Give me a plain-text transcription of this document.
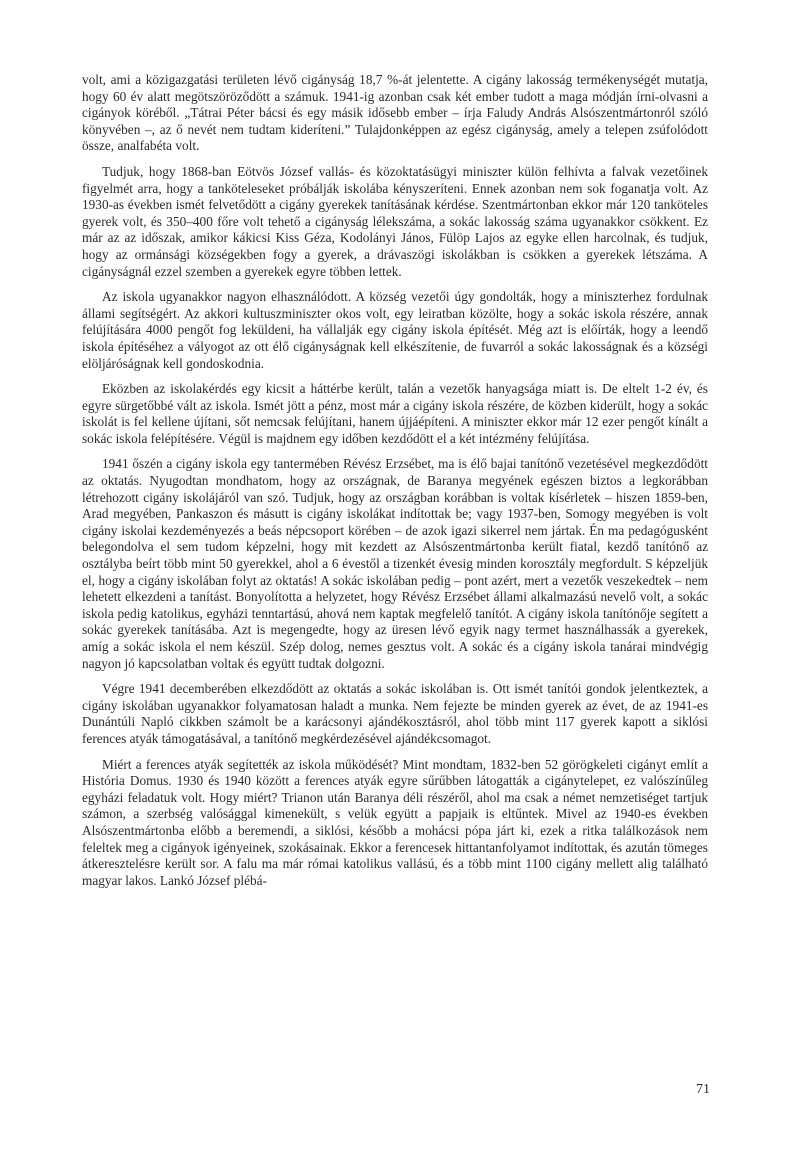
volt, ami a közigazgatási területen lévő cigányság 18,7 %-át jelentette. A cigány lakosság termékenységét mutatja, hogy 60 év alatt megötszöröződött a számuk. 1941-ig azonban csak két ember tudott a maga módján írni-olvasni a cigányok köréből. „Tátrai Péter bácsi és egy másik idősebb ember – írja Faludy András Alsószentmártonról szóló könyvében –, az ő nevét nem tudtam kideríteni.” Tulajdonképpen az egész cigányság, amely a telepen zsúfolódott össze, analfabéta volt.

Tudjuk, hogy 1868-ban Eötvös József vallás- és közoktatásügyi miniszter külön felhívta a falvak vezetőinek figyelmét arra, hogy a tanköteleseket próbálják iskolába kényszeríteni. Ennek azonban nem sok foganatja volt. Az 1930-as években ismét felvetődött a cigány gyerekek tanításának kérdése. Szentmártonban ekkor már 120 tanköteles gyerek volt, és 350–400 főre volt tehető a cigányság lélekszáma, a sokác lakosság száma ugyanakkor csökkent. Ez már az az időszak, amikor kákicsi Kiss Géza, Kodolányi János, Fülöp Lajos az egyke ellen harcolnak, és tudjuk, hogy az ormánsági községekben fogy a gyerek, a drávaszögi iskolákban is csökken a gyerekek létszáma. A cigányságnál ezzel szemben a gyerekek egyre többen lettek.

Az iskola ugyanakkor nagyon elhasználódott. A község vezetői úgy gondolták, hogy a miniszterhez fordulnak állami segítségért. Az akkori kultuszminiszter okos volt, egy leiratban közölte, hogy a sokác iskola részére, annak felújítására 4000 pengőt fog leküldeni, ha vállalják egy cigány iskola építését. Még azt is előírták, hogy a leendő iskola építéséhez a vályogot az ott élő cigányságnak kell elkészítenie, de fuvarról a sokác lakosságnak és a községi elöljáróságnak kell gondoskodnia.

Eközben az iskolakérdés egy kicsit a háttérbe került, talán a vezetők hanyagsága miatt is. De eltelt 1-2 év, és egyre sürgetőbbé vált az iskola. Ismét jött a pénz, most már a cigány iskola részére, de közben kiderült, hogy a sokác iskolát is fel kellene újítani, sőt nemcsak felújítani, hanem újjáépíteni. A miniszter ekkor már 12 ezer pengőt kínált a sokác iskola felépítésére. Végül is majdnem egy időben kezdődött el a két intézmény felújítása.

1941 őszén a cigány iskola egy tantermében Révész Erzsébet, ma is élő bajai tanítónő vezetésével megkezdődött az oktatás. Nyugodtan mondhatom, hogy az országnak, de Baranya megyének egészen biztos a legkorábban létrehozott cigány iskolájáról van szó. Tudjuk, hogy az országban korábban is voltak kísérletek – hiszen 1859-ben, Arad megyében, Pankaszon és másutt is cigány iskolákat indítottak be; vagy 1937-ben, Somogy megyében is volt cigány iskolai kezdeményezés a beás népcsoport körében – de azok igazi sikerrel nem jártak. Én ma pedagógusként belegondolva el sem tudom képzelni, hogy mit kezdett az Alsószentmártonba került fiatal, kezdő tanítónő az osztályba beírt több mint 50 gyerekkel, ahol a 6 évestől a tizenkét évesig minden korosztály megfordult. S képzeljük el, hogy a cigány iskolában folyt az oktatás! A sokác iskolában pedig – pont azért, mert a vezetők veszekedtek – nem lehetett elkezdeni a tanítást. Bonyolította a helyzetet, hogy Révész Erzsébet állami alkalmazású nevelő volt, a sokác iskola pedig katolikus, egyházi tenntartású, ahová nem kaptak megfelelő tanítót. A cigány iskola tanítónője segített a sokác gyerekek tanításába. Azt is megengedte, hogy az üresen lévő egyik nagy termet használhassák a gyerekek, amíg a sokác iskola el nem készül. Szép dolog, nemes gesztus volt. A sokác és a cigány iskola tanárai mindvégig nagyon jó kapcsolatban voltak és együtt tudtak dolgozni.

Végre 1941 decemberében elkezdődött az oktatás a sokác iskolában is. Ott ismét tanítói gondok jelentkeztek, a cigány iskolában ugyanakkor folyamatosan haladt a munka. Nem fejezte be minden gyerek az évet, de az 1941-es Dunántúli Napló cikkben számolt be a karácsonyi ajándékosztásról, ahol több mint 117 gyerek kapott a siklósi ferences atyák támogatásával, a tanítónő megkérdezésével ajándékcsomagot.

Miért a ferences atyák segítették az iskola működését? Mint mondtam, 1832-ben 52 görögkeleti cigányt említ a História Domus. 1930 és 1940 között a ferences atyák egyre sűrűbben látogatták a cigánytelepet, ez valószínűleg egyházi feladatuk volt. Hogy miért? Trianon után Baranya déli részéről, ahol ma csak a német nemzetiséget tartjuk számon, a szerbség valósággal kimenekült, s velük együtt a papjaik is eltűntek. Mivel az 1940-es években Alsószentmártonba előbb a beremendi, a siklósi, később a mohácsi pópa járt ki, ezek a ritka találkozások nem feleltek meg a cigányok igényeinek, szokásainak. Ekkor a ferencesek hittantanfolyamot indítottak, és azután tömeges átkeresztelésre került sor. A falu ma már római katolikus vallású, és a több mint 1100 cigány mellett alig található magyar lakos. Lankó József plébá-

71
